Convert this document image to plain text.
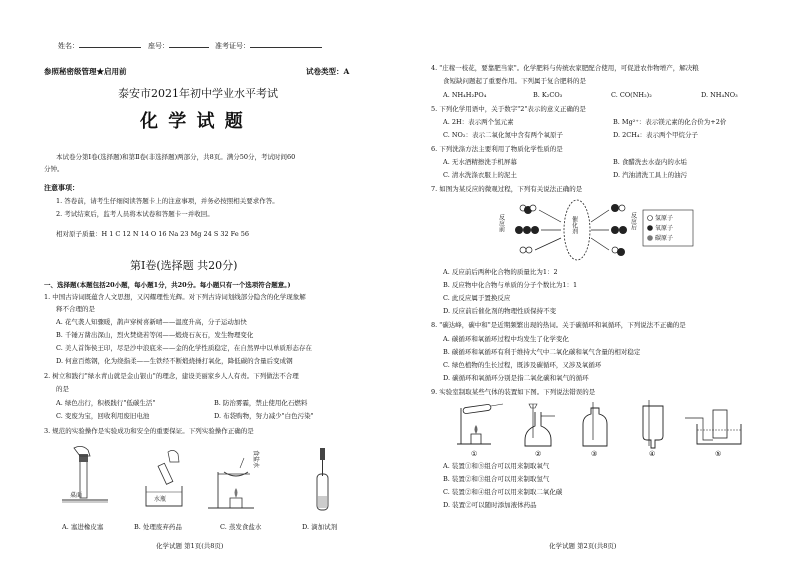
姓名：	座号：	准考证号：
参照秘密级管理★启用前	试卷类型：A
泰安市2021年初中学业水平考试
化 学 试 题
本试卷分第Ⅰ卷(选择题)和第Ⅱ卷(非选择题)两部分，共8页。满分50分，考试时间60
分钟。
注意事项：
1. 答卷前，请考生仔细阅读答题卡上的注意事项，并务必按照相关要求作答。
2. 考试结束后，监考人员将本试卷和答题卡一并收回。
相对原子质量：H 1 C 12 N 14 O 16 Na 23 Mg 24 S 32 Fe 56
第Ⅰ卷(选择题 共20分)
一、选择题(本题包括20小题，每小题1分，共20分。每小题只有一个选项符合题意。)
1. 中国古诗词既蕴含人文思想，又闪耀理性光辉。对下列古诗词划线部分隐含的化学现象解
释不合理的是
A. 花气袭人知骤暖，鹊声穿树喜新晴——温度升高，分子运动加快
B. 千锤万凿出深山，烈火焚烧若等闲——煅烧石灰石，发生物理变化
C. 美人首饰侯王印，尽是沙中浪底来——金的化学性质稳定，在自然界中以单质形态存在
D. 何意百炼钢，化为绕指柔——生铁经不断煅烧捶打氧化，降低碳的含量后变成钢
2. 树立和践行"绿水青山就是金山银山"的理念，建设美丽家乡人人有责。下列做法不合理
的是
A. 绿色出行，积极践行"低碳生活"	B. 防治雾霾，禁止使用化石燃料
C. 变废为宝，回收利用废旧电池	D. 布袋购物，努力减少"白色污染"
3. 规范的实验操作是实验成功和安全的重要保证。下列实验操作正确的是
桌面
水瓶
食盐水
A. 塞进橡皮塞	B. 处理废弃药品	C. 蒸发食盐水	D. 滴加试剂
化学试题 第1页(共8页)
4. "庄稼一枝花，要靠肥当家"。化学肥料与传统农家肥配合使用，可促进农作物增产，解决粮
食短缺问题起了重要作用。下列属于复合肥料的是
A. NH₄H₂PO₄	B. K₂CO₃	C. CO(NH₂)₂	D. NH₄NO₃
5. 下列化学用语中，关于数字"2"表示的意义正确的是
A. 2H：表示两个氢元素	B. Mg²⁺：表示镁元素的化合价为+2价
C. NO₂：表示二氧化氮中含有两个氧原子	D. 2CH₄：表示两个甲烷分子
6. 下列洗涤方法主要利用了物质化学性质的是
A. 无水酒精擦洗手机屏幕	B. 食醋洗去水壶内的水垢
C. 清水洗涤衣服上的泥土	D. 汽油清洗工具上的油污
7. 如图为某反应的微观过程，下列有关说法正确的是
反应前	催化剂	反应后	氢原子
氧原子
碳原子
A. 反应前后两种化合物的质量比为1：2
B. 反应物中化合物与单质的分子个数比为1：1
C. 此反应属于置换反应
D. 反应前后催化剂的物理性质保持不变
8. "碳达峰，碳中和"是近期频繁出现的热词。关于碳循环和氧循环，下列说法不正确的是
A. 碳循环和氧循环过程中均发生了化学变化
B. 碳循环和氧循环有利于维持大气中二氧化碳和氧气含量的相对稳定
C. 绿色植物的生长过程，既涉及碳循环，又涉及氧循环
D. 碳循环和氧循环分别是指二氧化碳和氧气的循环
9. 实验室制取某些气体的装置如下图。下列说法错误的是
①	②	③	④	⑤
A. 装置①和⑤组合可以用来制取氧气
B. 装置②和③组合可以用来制取氢气
C. 装置②和④组合可以用来制取二氧化碳
D. 装置②可以随时添加液体药品
化学试题 第2页(共8页)
